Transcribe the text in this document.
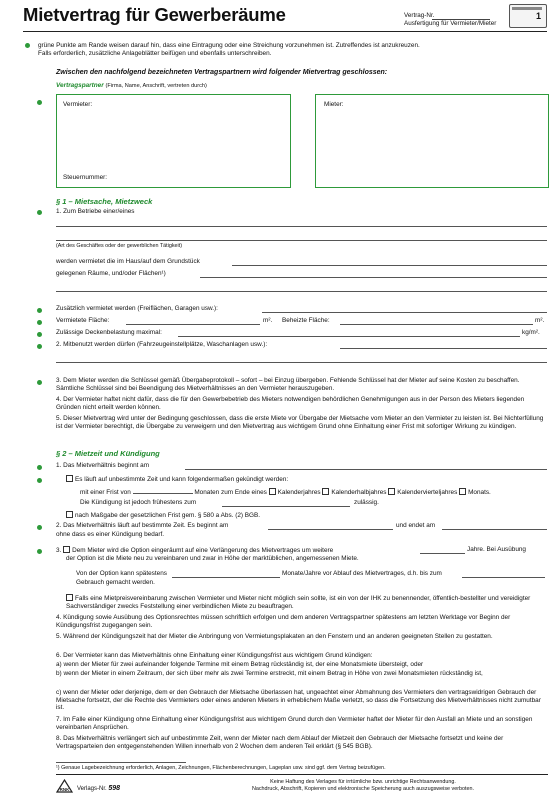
Mietvertrag für Gewerberäume	Vertrag-Nr.
Ausfertigung für Vermieter/Mieter
1
grüne Punkte am Rande weisen darauf hin, dass eine Eintragung oder eine Streichung vorzunehmen ist. Zutreffendes ist anzukreuzen.
Falls erforderlich, zusätzliche Anlageblätter beifügen und ebenfalls unterschreiben.
Zwischen den nachfolgend bezeichneten Vertragspartnern wird folgender Mietvertrag geschlossen:
Vertragspartner (Firma, Name, Anschrift, vertreten durch)
Vermieter:
Steuernummer:
Mieter:
§ 1 – Mietsache, Mietzweck
1. Zum Betriebe einer/eines
(Art des Geschäftes oder der gewerblichen Tätigkeit)
werden vermietet die im Haus/auf dem Grundstück
gelegenen Räume, und/oder Flächen¹)
Zusätzlich vermietet werden (Freiflächen, Garagen usw.):
Vermietete Fläche:	m². Beheizte Fläche:	m².
Zulässige Deckenbelastung maximal:	kg/m².
2. Mitbenutzt werden dürfen (Fahrzeugeinstellplätze, Waschanlagen usw.):
3. Dem Mieter werden die Schlüssel gemäß Übergabeprotokoll – sofort – bei Einzug übergeben. Fehlende Schlüssel hat der Mieter auf seine Kosten zu beschaffen. Sämtliche Schlüssel sind bei Beendigung des Mietverhältnisses an den Vermieter herauszugeben.
4. Der Vermieter haftet nicht dafür, dass die für den Gewerbebetrieb des Mieters notwendigen behördlichen Genehmigungen aus in der Person des Mieters liegenden Gründen nicht erteilt werden können.
5. Dieser Mietvertrag wird unter der Bedingung geschlossen, dass die erste Miete vor Übergabe der Mietsache vom Mieter an den Vermieter zu leisten ist. Bei Nichterfüllung ist der Vermieter berechtigt, die Übergabe zu verweigern und den Mietvertrag aus wichtigem Grund ohne Einhaltung einer Frist mit sofortiger Wirkung zu kündigen.
§ 2 – Mietzeit und Kündigung
1. Das Mietverhältnis beginnt am
Es läuft auf unbestimmte Zeit und kann folgendermaßen gekündigt werden:
mit einer Frist von	Monaten zum Ende eines Kalenderjahres Kalenderhalbjahres Kalendervierteljahres Monats.
Die Kündigung ist jedoch frühestens zum	zulässig.
nach Maßgabe der gesetzlichen Frist gem. § 580 a Abs. (2) BGB.
2. Das Mietverhältnis läuft auf bestimmte Zeit. Es beginnt am	und endet am
ohne dass es einer Kündigung bedarf.
3. Dem Mieter wird die Option eingeräumt auf eine Verlängerung des Mietvertrages um weitere	Jahre. Bei Ausübung
der Option ist die Miete neu zu vereinbaren und zwar in Höhe der marktüblichen, angemessenen Miete.
Von der Option kann spätestens	Monate/Jahre vor Ablauf des Mietvertrages, d.h. bis zum
Gebrauch gemacht werden.
Falls eine Mietpreisvereinbarung zwischen Vermieter und Mieter nicht möglich sein sollte, ist ein von der IHK zu benennender, öffentlich-bestellter und vereidigter Sachverständiger zwecks Feststellung einer verbindlichen Miete zu beauftragen.
4. Kündigung sowie Ausübung des Optionsrechtes müssen schriftlich erfolgen und dem anderen Vertragspartner spätestens am letzten Werktage vor Beginn der Kündigungsfrist zugegangen sein.
5. Während der Kündigungszeit hat der Mieter die Anbringung von Vermietungsplakaten an den Fenstern und an anderen geeigneten Stellen zu gestatten.
6. Der Vermieter kann das Mietverhältnis ohne Einhaltung einer Kündigungsfrist aus wichtigem Grund kündigen:
a) wenn der Mieter für zwei aufeinander folgende Termine mit einem Betrag rückständig ist, der eine Monatsmiete übersteigt, oder
b) wenn der Mieter in einem Zeitraum, der sich über mehr als zwei Termine erstreckt, mit einem Betrag in Höhe von zwei Monatsmieten rückständig ist,
c) wenn der Mieter oder derjenige, dem er den Gebrauch der Mietsache überlassen hat, ungeachtet einer Abmahnung des Vermieters den vertragswidrigen Gebrauch der Mietsache fortsetzt, der die Rechte des Vermieters oder eines anderen Mieters in erheblichem Maße verletzt, so dass die Fortsetzung des Mietverhältnisses nicht zumutbar ist.
7. Im Falle einer Kündigung ohne Einhaltung einer Kündigungsfrist aus wichtigem Grund durch den Vermieter haftet der Mieter für den Ausfall an Miete und an sonstigen vereinbarten Ansprüchen.
8. Das Mietverhältnis verlängert sich auf unbestimmte Zeit, wenn der Mieter nach dem Ablauf der Mietzeit den Gebrauch der Mietsache fortsetzt und keine der Vertragsparteien den entgegenstehenden Willen innerhalb von 2 Wochen dem anderen Teil erklärt (§ 545 BGB).
¹) Genaue Lagebezeichnung erforderlich, Anlagen, Zeichnungen, Flächenberechnungen, Lageplan usw. sind ggf. dem Vertrag beizufügen.
RNK Verlags-Nr. 598
Keine Haftung des Verlages für irrtümliche bzw. unrichtige Rechtsanwendung.
Nachdruck, Abschrift, Kopieren und elektronische Speicherung auch auszugsweise verboten.
